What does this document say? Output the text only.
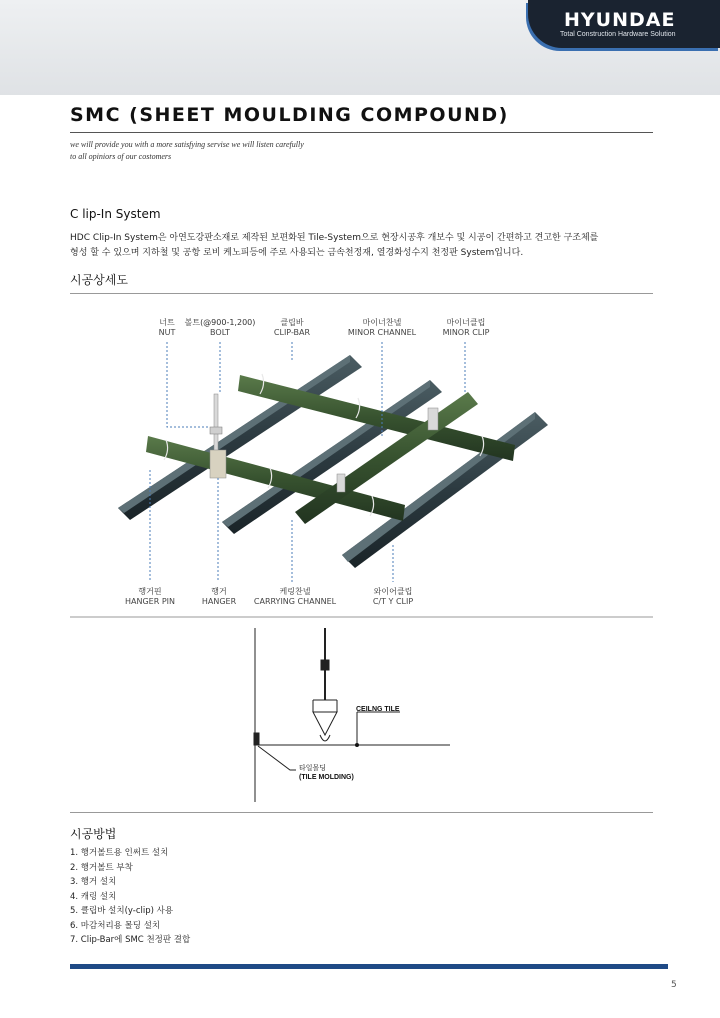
HYUNDAE
Total Construction Hardware Solution
SMC (SHEET MOULDING COMPOUND)
we will provide you with a more satisfying servise we will listen carefully
to all opiniors of our costomers
C lip-In System
HDC Clip-In System은 아연도강판소재로 제작된 보편화된 Tile-System으로 현장시공후 개보수 및 시공이 간편하고 견고한 구조체를
형성 할 수 있으며 지하철 및 공항 로비 케노피등에 주로 사용되는 금속천정재, 열경화성수지 천정판 System입니다.
시공상세도
너트
NUT
볼트(@900-1,200)
BOLT
클립바
CLIP-BAR
마이너찬넬
MINOR CHANNEL
마이너클립
MINOR CLIP
행거핀
HANGER PIN
행거
HANGER
케링찬넬
CARRYING CHANNEL
와이어클립
C/T Y CLIP
CEILNG TILE
타일몰딩
(TILE MOLDING)
시공방법
1. 행거볼트용 인써트 설치
2. 행거볼트 부착
3. 행거 설치
4. 캐링 설치
5. 클립바 설치(y-clip) 사용
6. 마감처리용 몰딩 설치
7. Clip-Bar에 SMC 천정판 결합
5
